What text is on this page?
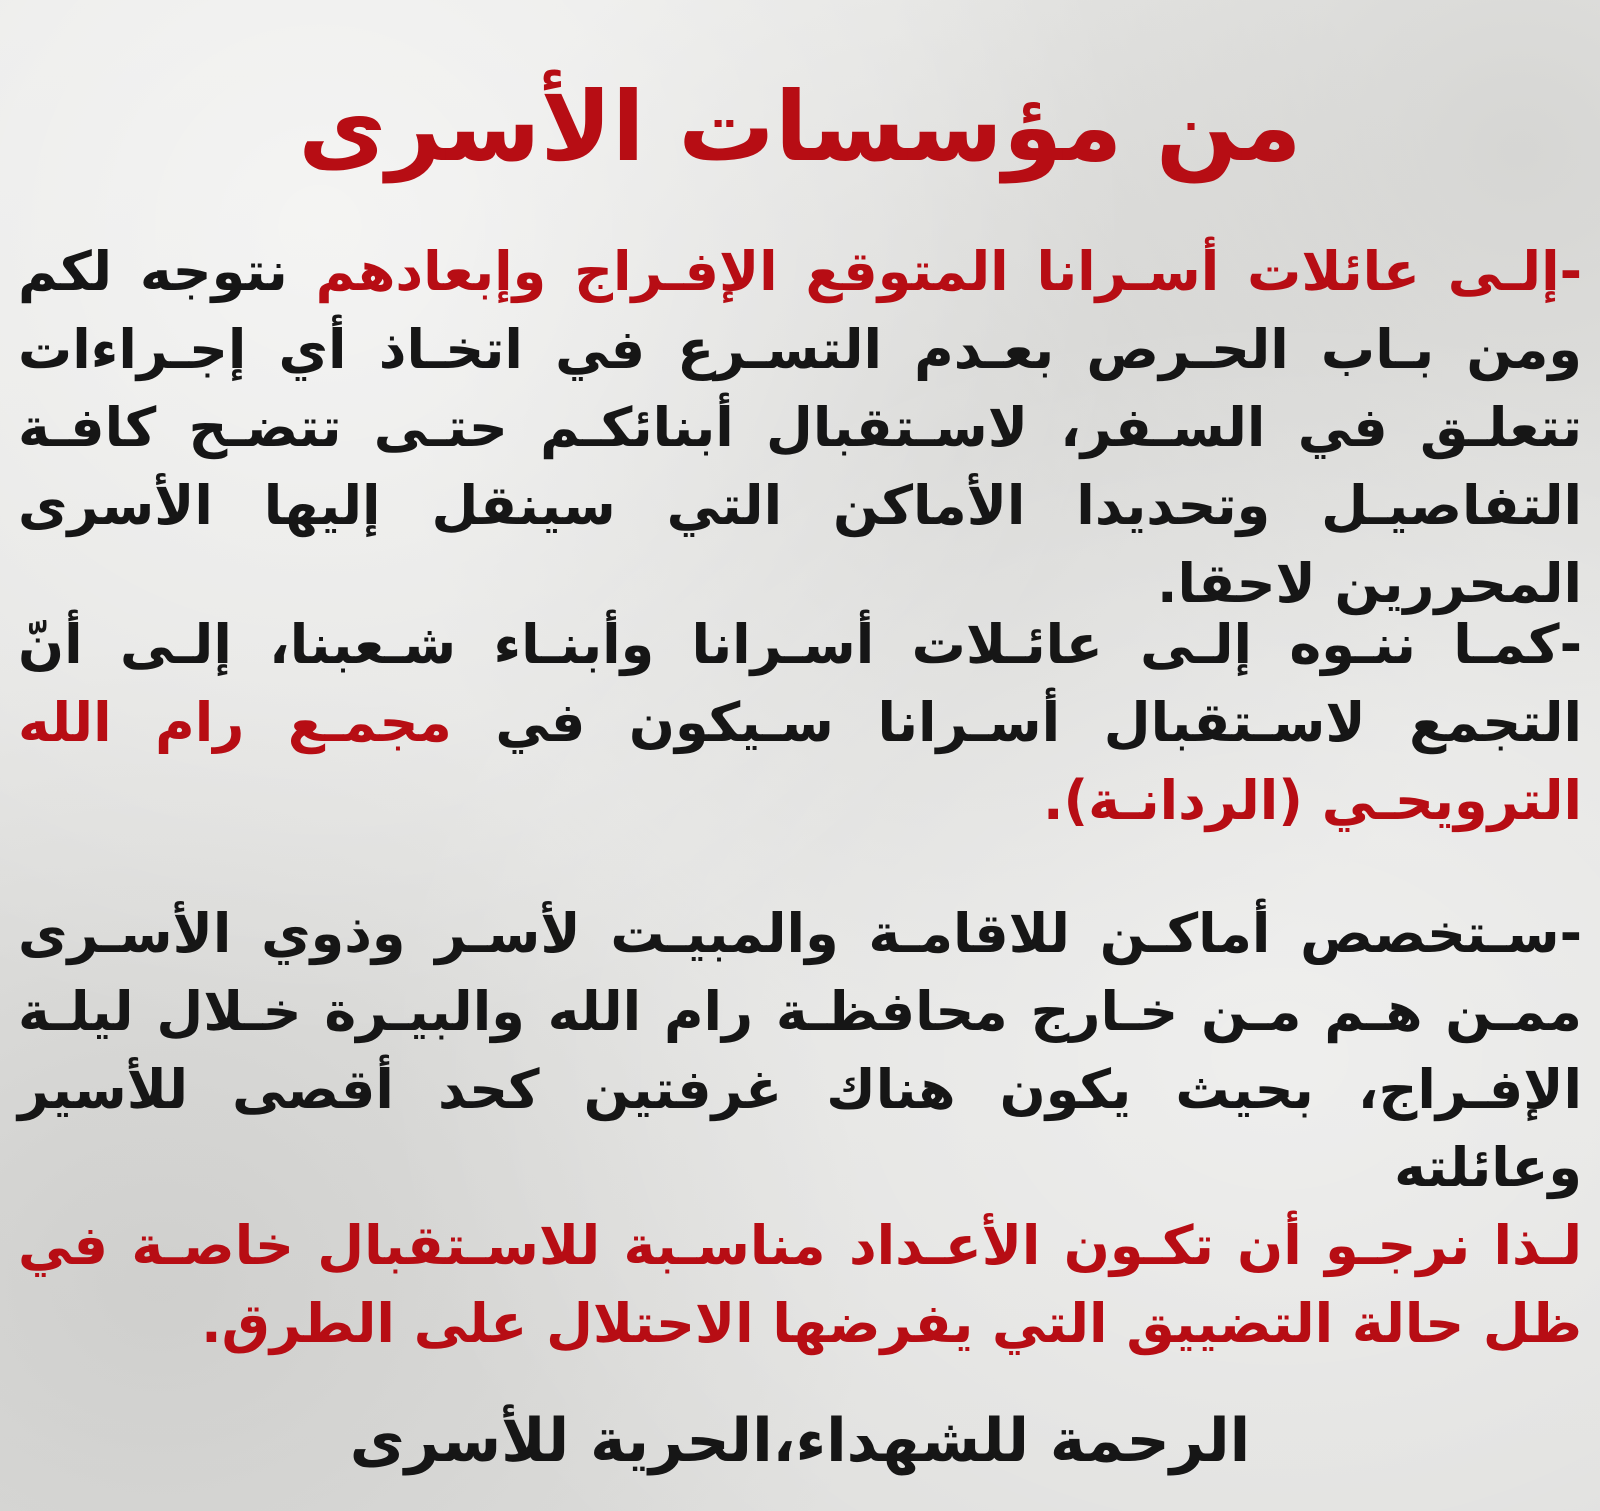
من مؤسسات الأسرى

-إلـى عائلات أسـرانا المتوقع الإفـراج وإبعادهم نتوجه لكم ومن بـاب الحـرص بعـدم التسـرع في اتخـاذ أي إجـراءات تتعلـق في السـفر، لاسـتقبال أبنائكـم حتـى تتضـح كافـة التفاصيـل وتحديدا الأماكن التي سينقل إليها الأسرى المحررين لاحقا.

-كمـا ننـوه إلـى عائـلات أسـرانا وأبنـاء شـعبنا، إلـى أنّ التجمع لاسـتقبال أسـرانا سـيكون في مجمـع رام الله الترويحـي (الردانـة).

-سـتخصص أماكـن للاقامـة والمبيـت لأسـر وذوي الأسـرى ممـن هـم مـن خـارج محافظـة رام الله والبيـرة خـلال ليلـة الإفـراج، بحيث يكون هناك غرفتين كحد أقصى للأسير وعائلته
لـذا نرجـو أن تكـون الأعـداد مناسـبة للاسـتقبال خاصـة في ظل حالة التضييق التي يفرضها الاحتلال على الطرق.

الرحمة للشهداء،الحرية للأسرى
